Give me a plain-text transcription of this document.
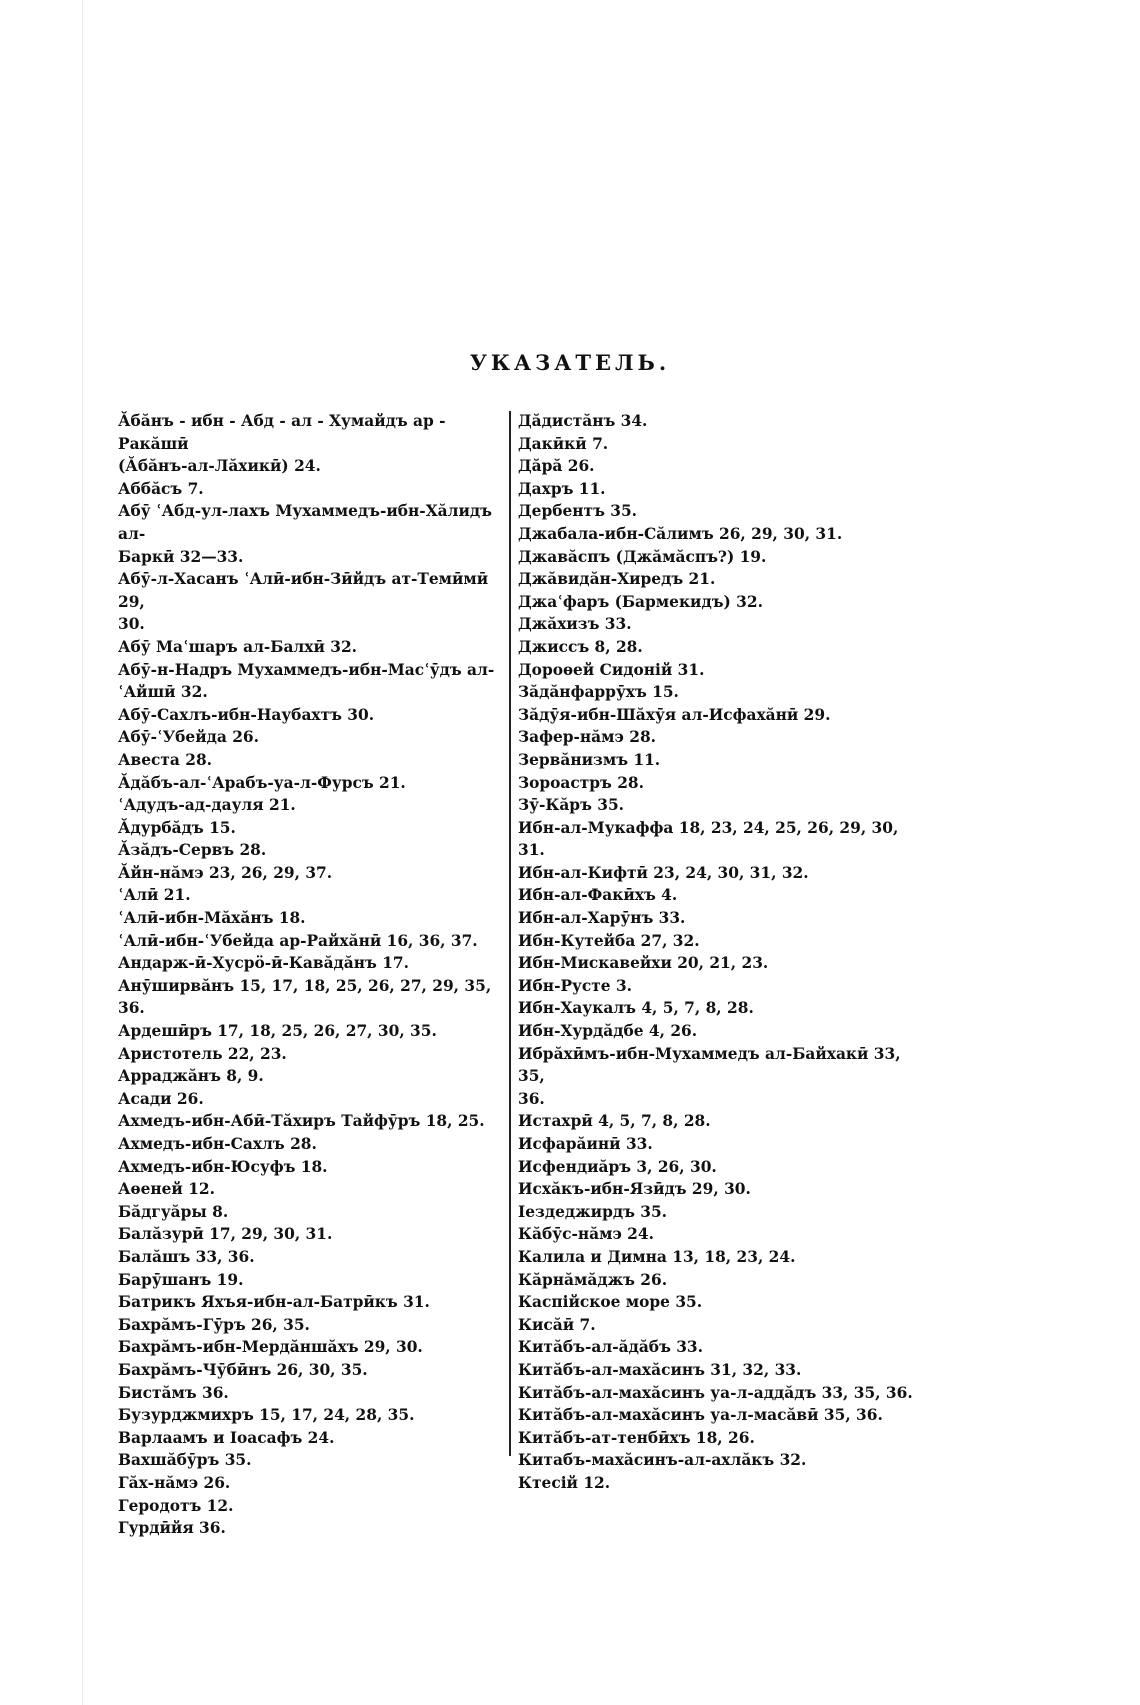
УКАЗАТЕЛЬ.
Ӑбӑнъ - ибн - Абд - ал - Хумайдъ ар - Ракăшӣ
(Ӑбӑнъ-ал-Лăхикӣ) 24.
Аббăсъ 7.
Абӯ ʿАбд-ул-лахъ Мухаммедъ-ибн-Хăлидъ ал-
Баркӣ 32—33.
Абӯ-л-Хасанъ ʿАлӣ-ибн-Зӣйдъ ат-Темӣмӣ 29,
30.
Абӯ Маʿшаръ ал-Балхӣ 32.
Абӯ-н-Надръ Мухаммедъ-ибн-Масʿӯдъ ал-
ʿАйшӣ 32.
Абӯ-Сахлъ-ибн-Наубахтъ 30.
Абӯ-ʿУбейда 26.
Авеста 28.
Ӑдăбъ-ал-ʿАрабъ-уа-л-Фурсъ 21.
ʿАдудъ-ад-дауля 21.
Ӑдурбăдъ 15.
Ӑзăдъ-Сервъ 28.
Ӑйн-нăмэ 23, 26, 29, 37.
ʿАлӣ 21.
ʿАлӣ-ибн-Мăхăнъ 18.
ʿАлӣ-ибн-ʿУбейда ар-Райхăнӣ 16, 36, 37.
Андарж-ӣ-Хусрӧ-ӣ-Кавăдăнъ 17.
Анӯширвăнъ 15, 17, 18, 25, 26, 27, 29, 35, 36.
Ардешӣръ 17, 18, 25, 26, 27, 30, 35.
Аристотель 22, 23.
Арраджăнъ 8, 9.
Асади 26.
Ахмедъ-ибн-Абӣ-Тăхиръ Тайфӯръ 18, 25.
Ахмедъ-ибн-Сахлъ 28.
Ахмедъ-ибн-Юсуфъ 18.
Аѳеней 12.
Бăдгуăры 8.
Балăзурӣ 17, 29, 30, 31.
Балăшъ 33, 36.
Барӯшанъ 19.
Батрикъ Яхъя-ибн-ал-Батрӣкъ 31.
Бахрăмъ-Гӯръ 26, 35.
Бахрăмъ-ибн-Мердăншăхъ 29, 30.
Бахрăмъ-Чӯбӣнъ 26, 30, 35.
Бистăмъ 36.
Бузурджмихръ 15, 17, 24, 28, 35.
Варлаамъ и Іоасафъ 24.
Вахшăбӯръ 35.
Гăх-нăмэ 26.
Геродотъ 12.
Гурдӣйя 36.
Дăдистăнъ 34.
Дакӣкӣ 7.
Дăрă 26.
Дахръ 11.
Дербентъ 35.
Джабала-ибн-Сăлимъ 26, 29, 30, 31.
Джавăспъ (Джăмăспъ?) 19.
Джăвидăн-Хиредъ 21.
Джаʿфаръ (Бармекидъ) 32.
Джăхизъ 33.
Джиссъ 8, 28.
Дороѳей Сидоній 31.
Зăдăнфаррӯхъ 15.
Зăдӯя-ибн-Шăхӯя ал-Исфахăнӣ 29.
Зафер-нăмэ 28.
Зервăнизмъ 11.
Зороастръ 28.
Зӯ-Кăръ 35.
Ибн-ал-Мукаффа 18, 23, 24, 25, 26, 29, 30, 31.
Ибн-ал-Кифтӣ 23, 24, 30, 31, 32.
Ибн-ал-Факӣхъ 4.
Ибн-ал-Харӯнъ 33.
Ибн-Кутейба 27, 32.
Ибн-Мискавейхи 20, 21, 23.
Ибн-Русте 3.
Ибн-Хаукалъ 4, 5, 7, 8, 28.
Ибн-Хурдăдбе 4, 26.
Ибрăхӣмъ-ибн-Мухаммедъ ал-Байхакӣ 33, 35,
36.
Истахрӣ 4, 5, 7, 8, 28.
Исфарăинӣ 33.
Исфендиăръ 3, 26, 30.
Исхăкъ-ибн-Язӣдъ 29, 30.
Іездеджирдъ 35.
Кăбӯс-нăмэ 24.
Калила и Димна 13, 18, 23, 24.
Кăрнăмăджъ 26.
Каспійское море 35.
Кисăӣ 7.
Китăбъ-ал-ăдăбъ 33.
Китăбъ-ал-махăсинъ 31, 32, 33.
Китăбъ-ал-махăсинъ уа-л-аддăдъ 33, 35, 36.
Китăбъ-ал-махăсинъ уа-л-масăвӣ 35, 36.
Китăбъ-ат-тенбӣхъ 18, 26.
Китабъ-махăсинъ-ал-ахлăкъ 32.
Ктесій 12.
